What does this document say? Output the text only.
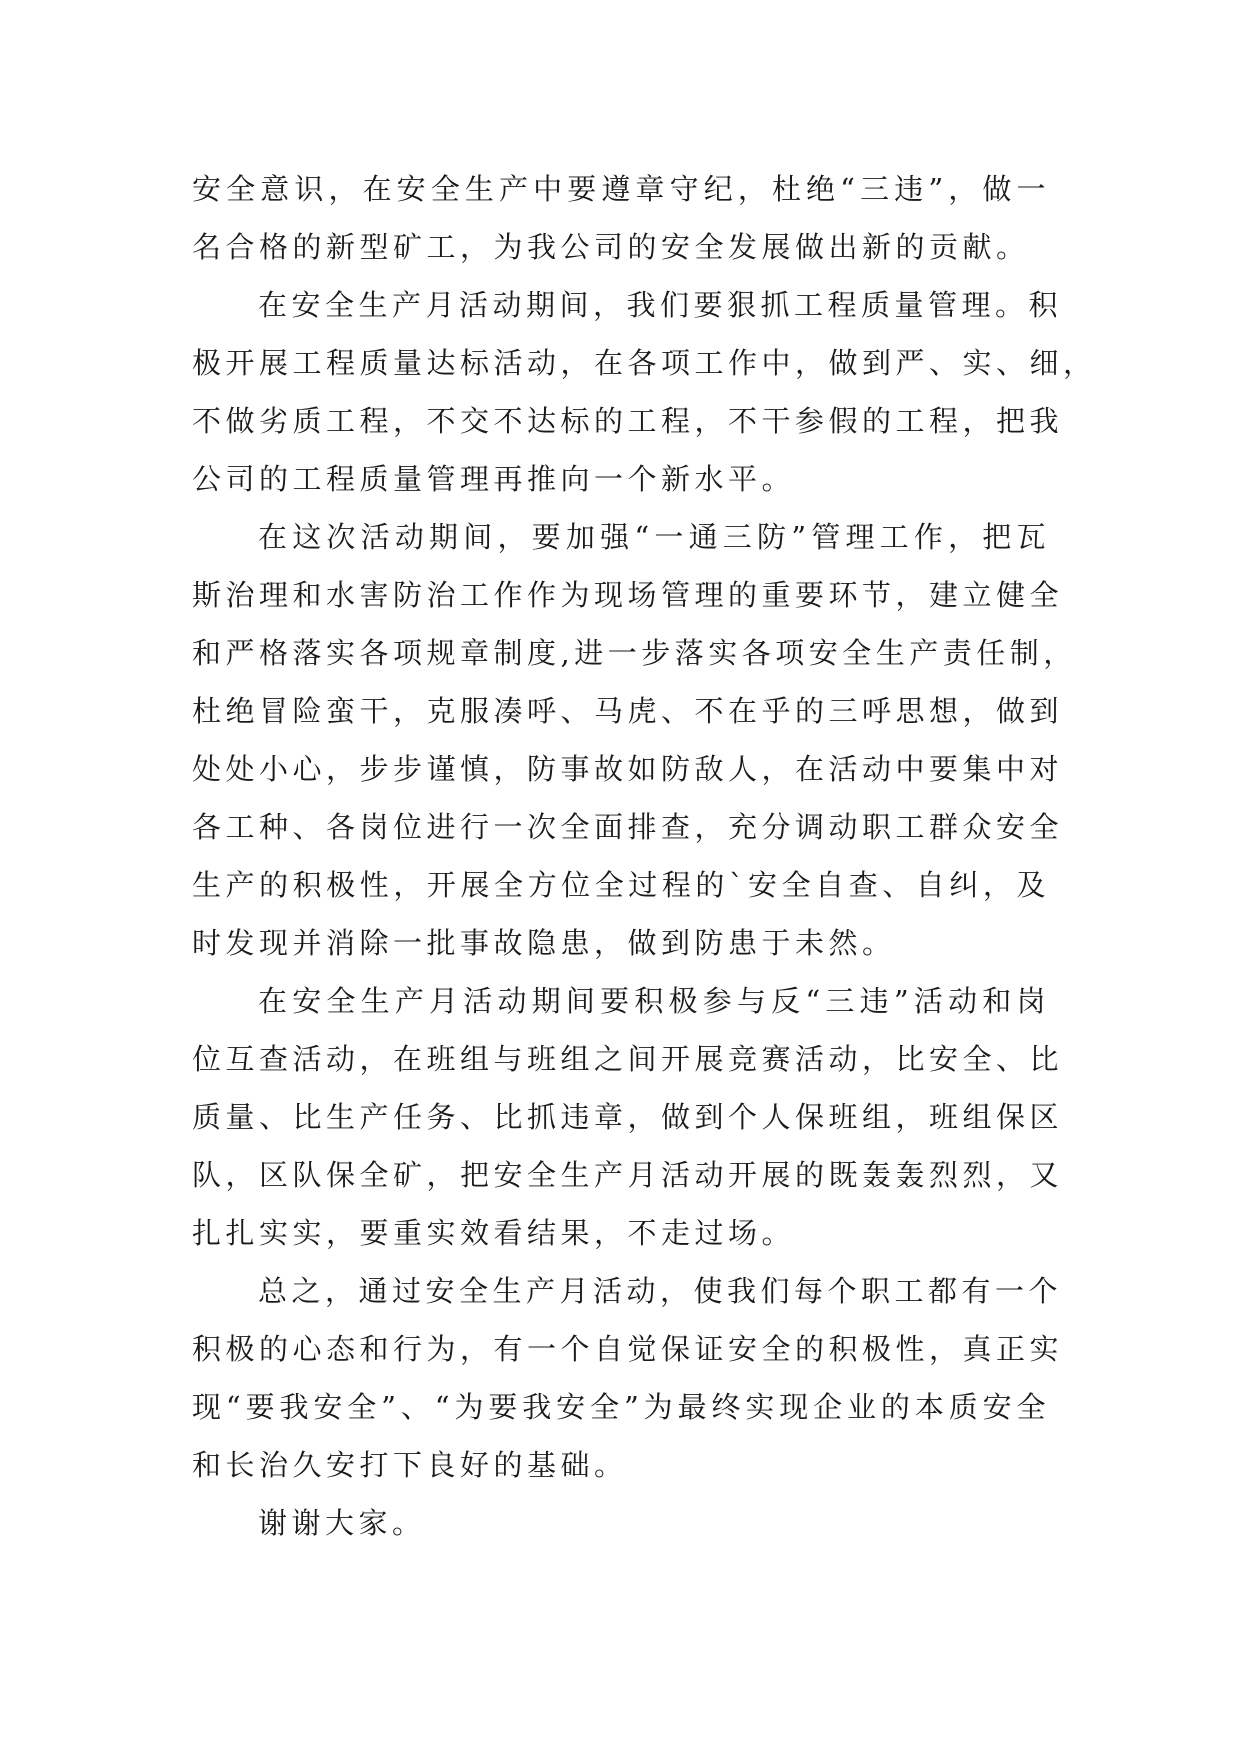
安全意识，在安全生产中要遵章守纪，杜绝“三违”，做一
名合格的新型矿工，为我公司的安全发展做出新的贡献。
在安全生产月活动期间，我们要狠抓工程质量管理。积
极开展工程质量达标活动，在各项工作中，做到严、实、细，
不做劣质工程，不交不达标的工程，不干参假的工程，把我
公司的工程质量管理再推向一个新水平。
在这次活动期间，要加强“一通三防”管理工作，把瓦
斯治理和水害防治工作作为现场管理的重要环节，建立健全
和严格落实各项规章制度,进一步落实各项安全生产责任制，
杜绝冒险蛮干，克服凑呼、马虎、不在乎的三呼思想，做到
处处小心，步步谨慎，防事故如防敌人，在活动中要集中对
各工种、各岗位进行一次全面排查，充分调动职工群众安全
生产的积极性，开展全方位全过程的`安全自查、自纠，及
时发现并消除一批事故隐患，做到防患于未然。
在安全生产月活动期间要积极参与反“三违”活动和岗
位互查活动，在班组与班组之间开展竞赛活动，比安全、比
质量、比生产任务、比抓违章，做到个人保班组，班组保区
队，区队保全矿，把安全生产月活动开展的既轰轰烈烈，又
扎扎实实，要重实效看结果，不走过场。
总之，通过安全生产月活动，使我们每个职工都有一个
积极的心态和行为，有一个自觉保证安全的积极性，真正实
现“要我安全”、“为要我安全”为最终实现企业的本质安全
和长治久安打下良好的基础。
谢谢大家。
